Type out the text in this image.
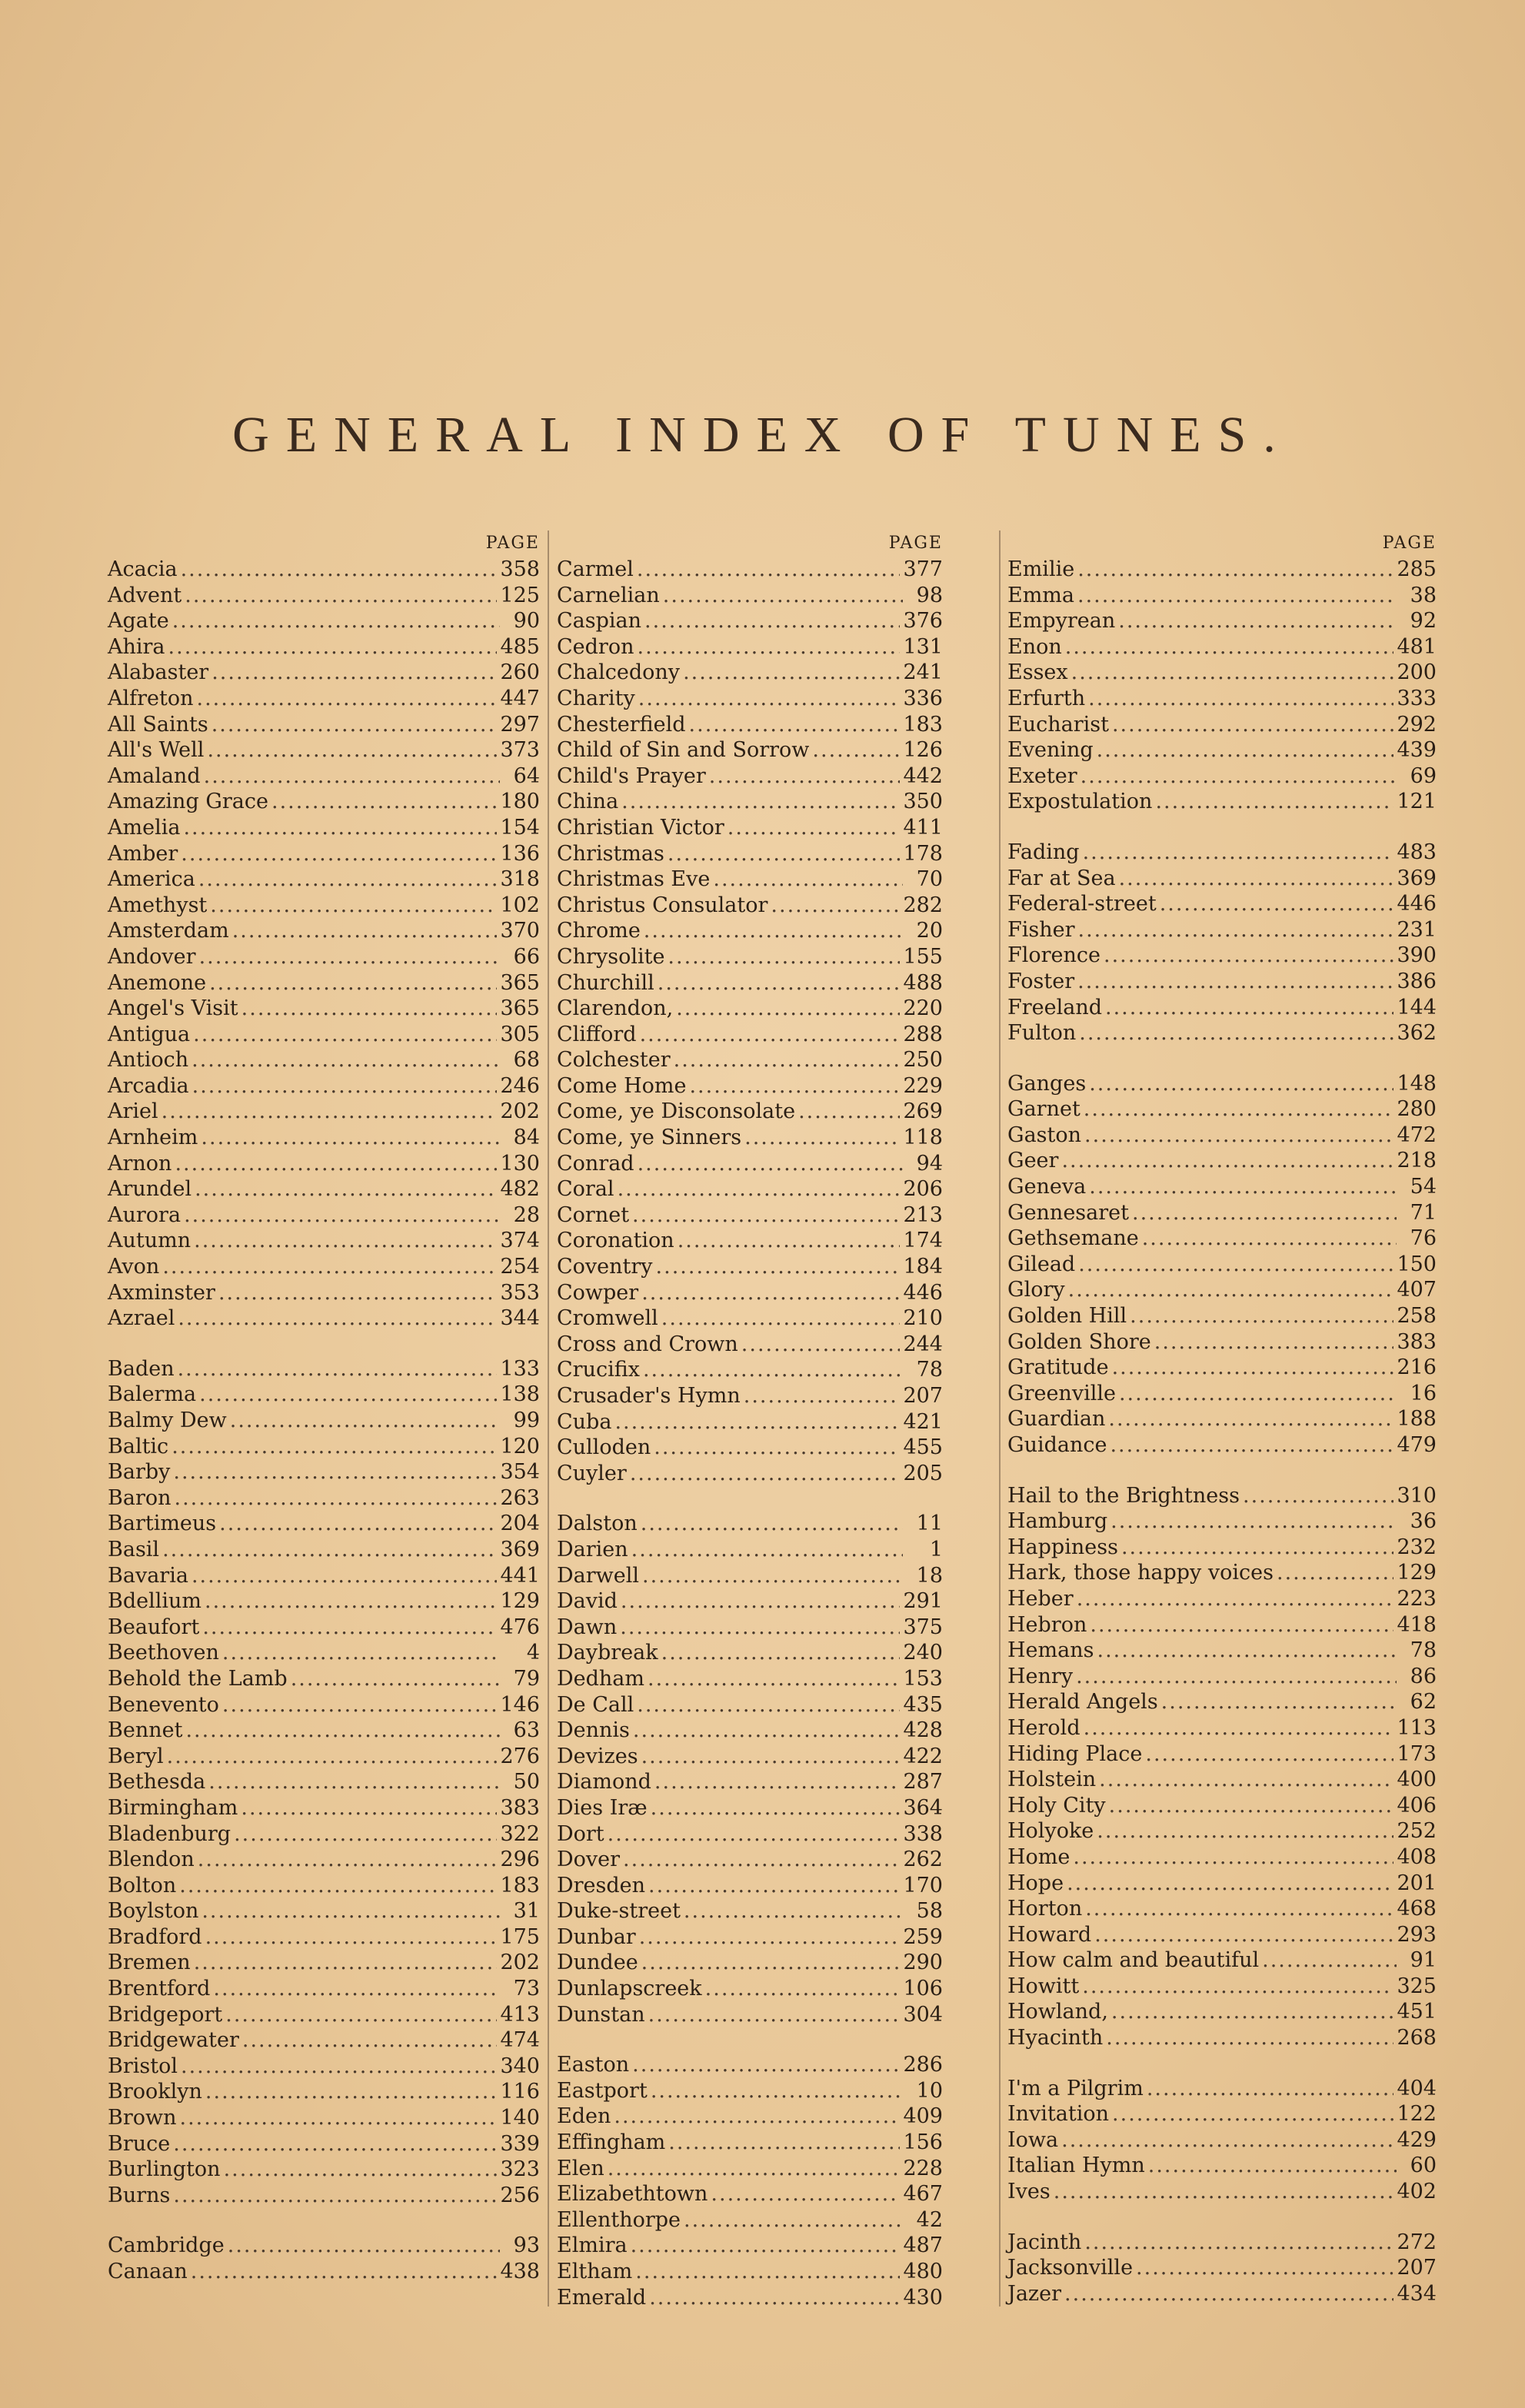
GENERAL INDEX OF TUNES.
PAGE
Acacia .....	358
Advent .....	125
Agate .....	90
Ahira .....	485
Alabaster .....	260
Alfreton .....	447
All Saints .....	297
All's Well .....	373
Amaland .....	64
Amazing Grace .....	180
Amelia .....	154
Amber .....	136
America .....	318
Amethyst .....	102
Amsterdam .....	370
Andover .....	66
Anemone .....	365
Angel's Visit .....	365
Antigua .....	305
Antioch .....	68
Arcadia .....	246
Ariel .....	202
Arnheim .....	84
Arnon .....	130
Arundel .....	482
Aurora .....	28
Autumn .....	374
Avon .....	254
Axminster .....	353
Azrael .....	344
Baden .....	133
Balerma .....	138
Balmy Dew .....	99
Baltic .....	120
Barby .....	354
Baron .....	263
Bartimeus .....	204
Basil .....	369
Bavaria .....	441
Bdellium .....	129
Beaufort .....	476
Beethoven .....	4
Behold the Lamb .....	79
Benevento .....	146
Bennet .....	63
Beryl .....	276
Bethesda .....	50
Birmingham .....	383
Bladenburg .....	322
Blendon .....	296
Bolton .....	183
Boylston .....	31
Bradford .....	175
Bremen .....	202
Brentford .....	73
Bridgeport .....	413
Bridgewater .....	474
Bristol .....	340
Brooklyn .....	116
Brown .....	140
Bruce .....	339
Burlington .....	323
Burns .....	256
Cambridge .....	93
Canaan .....	438
PAGE
Carmel .....	377
Carnelian .....	98
Caspian .....	376
Cedron .....	131
Chalcedony .....	241
Charity .....	336
Chesterfield .....	183
Child of Sin and Sorrow .....	126
Child's Prayer .....	442
China .....	350
Christian Victor .....	411
Christmas .....	178
Christmas Eve .....	70
Christus Consulator .....	282
Chrome .....	20
Chrysolite .....	155
Churchill .....	488
Clarendon, .....	220
Clifford .....	288
Colchester .....	250
Come Home .....	229
Come, ye Disconsolate .....	269
Come, ye Sinners .....	118
Conrad .....	94
Coral .....	206
Cornet .....	213
Coronation .....	174
Coventry .....	184
Cowper .....	446
Cromwell .....	210
Cross and Crown .....	244
Crucifix .....	78
Crusader's Hymn .....	207
Cuba .....	421
Culloden .....	455
Cuyler .....	205
Dalston .....	11
Darien .....	1
Darwell .....	18
David .....	291
Dawn .....	375
Daybreak .....	240
Dedham .....	153
De Call .....	435
Dennis .....	428
Devizes .....	422
Diamond .....	287
Dies Iræ .....	364
Dort .....	338
Dover .....	262
Dresden .....	170
Duke-street .....	58
Dunbar .....	259
Dundee .....	290
Dunlapscreek .....	106
Dunstan .....	304
Easton .....	286
Eastport .....	10
Eden .....	409
Effingham .....	156
Elen .....	228
Elizabethtown .....	467
Ellenthorpe .....	42
Elmira .....	487
Eltham .....	480
Emerald .....	430
PAGE
Emilie .....	285
Emma .....	38
Empyrean .....	92
Enon .....	481
Essex .....	200
Erfurth .....	333
Eucharist .....	292
Evening .....	439
Exeter .....	69
Expostulation .....	121
Fading .....	483
Far at Sea .....	369
Federal-street .....	446
Fisher .....	231
Florence .....	390
Foster .....	386
Freeland .....	144
Fulton .....	362
Ganges .....	148
Garnet .....	280
Gaston .....	472
Geer .....	218
Geneva .....	54
Gennesaret .....	71
Gethsemane .....	76
Gilead .....	150
Glory .....	407
Golden Hill .....	258
Golden Shore .....	383
Gratitude .....	216
Greenville .....	16
Guardian .....	188
Guidance .....	479
Hail to the Brightness .....	310
Hamburg .....	36
Happiness .....	232
Hark, those happy voices .....	129
Heber .....	223
Hebron .....	418
Hemans .....	78
Henry .....	86
Herald Angels .....	62
Herold .....	113
Hiding Place .....	173
Holstein .....	400
Holy City .....	406
Holyoke .....	252
Home .....	408
Hope .....	201
Horton .....	468
Howard .....	293
How calm and beautiful .....	91
Howitt .....	325
Howland, .....	451
Hyacinth .....	268
I'm a Pilgrim .....	404
Invitation .....	122
Iowa .....	429
Italian Hymn .....	60
Ives .....	402
Jacinth .....	272
Jacksonville .....	207
Jazer .....	434
